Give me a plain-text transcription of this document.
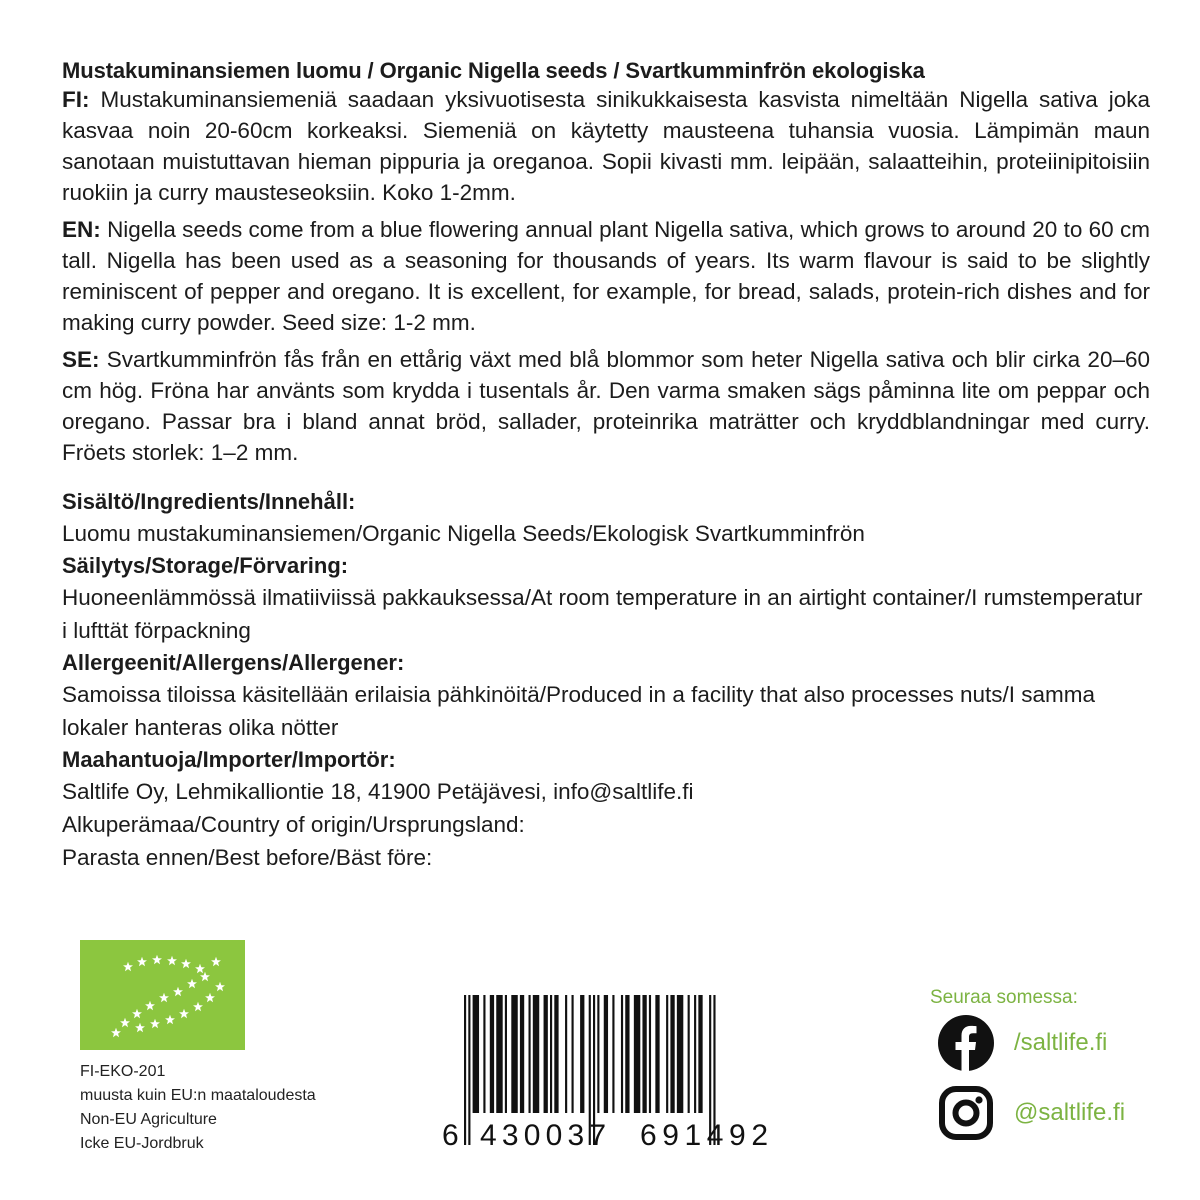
Mustakuminansiemen luomu / Organic Nigella seeds / Svartkumminfrön ekologiska

FI: Mustakuminansiemeniä saadaan yksivuotisesta sinikukkaisesta kasvista nimeltään Nigella sativa joka kasvaa noin 20-60cm korkeaksi. Siemeniä on käytetty mausteena tuhansia vuosia. Lämpimän maun sanotaan muistuttavan hieman pippuria ja oreganoa. Sopii kivasti mm. leipään, salaatteihin, proteiinipitoisiin ruokiin ja curry mausteseoksiin. Koko 1-2mm.

EN: Nigella seeds come from a blue flowering annual plant Nigella sativa, which grows to around 20 to 60 cm tall. Nigella has been used as a seasoning for thousands of years. Its warm flavour is said to be slightly reminiscent of pepper and oregano. It is excellent, for example, for bread, salads, protein-rich dishes and for making curry powder. Seed size: 1-2 mm.

SE: Svartkumminfrön fås från en ettårig växt med blå blommor som heter Nigella sativa och blir cirka 20–60 cm hög. Fröna har använts som krydda i tusentals år. Den varma smaken sägs påminna lite om peppar och oregano. Passar bra i bland annat bröd, sallader, proteinrika maträtter och kryddblandningar med curry. Fröets storlek: 1–2 mm.

Sisältö/Ingredients/Innehåll:
Luomu mustakuminansiemen/Organic Nigella Seeds/Ekologisk Svartkumminfrön
Säilytys/Storage/Förvaring:
Huoneenlämmössä ilmatiiviissä pakkauksessa/At room temperature in an airtight container/I rumstemperatur i lufttät förpackning
Allergeenit/Allergens/Allergener:
Samoissa tiloissa käsitellään erilaisia pähkinöitä/Produced in a facility that also processes nuts/I samma lokaler hanteras olika nötter
Maahantuoja/Importer/Importör:
Saltlife Oy, Lehmikalliontie 18, 41900 Petäjävesi, info@saltlife.fi
Alkuperämaa/Country of origin/Ursprungsland:
Parasta ennen/Best before/Bäst före:
FI-EKO-201
muusta kuin EU:n maataloudesta
Non-EU Agriculture
Icke EU-Jordbruk	6 430037 691492
Seuraa somessa:
/saltlife.fi
@saltlife.fi
